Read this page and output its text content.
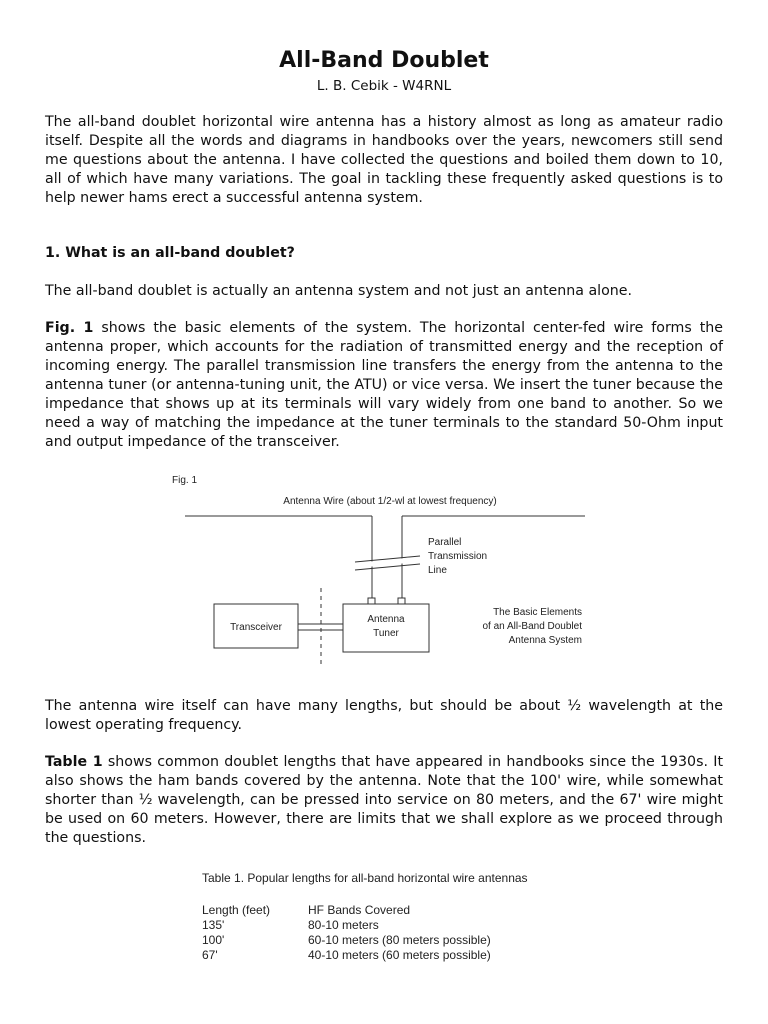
All-Band Doublet
L. B. Cebik - W4RNL

The all-band doublet horizontal wire antenna has a history almost as long as amateur radio itself. Despite all the words and diagrams in handbooks over the years, newcomers still send me questions about the antenna. I have collected the questions and boiled them down to 10, all of which have many variations. The goal in tackling these frequently asked questions is to help newer hams erect a successful antenna system.

1. What is an all-band doublet?

The all-band doublet is actually an antenna system and not just an antenna alone.

Fig. 1 shows the basic elements of the system. The horizontal center-fed wire forms the antenna proper, which accounts for the radiation of transmitted energy and the reception of incoming energy. The parallel transmission line transfers the energy from the antenna to the antenna tuner (or antenna-tuning unit, the ATU) or vice versa. We insert the tuner because the impedance that shows up at its terminals will vary widely from one band to another. So we need a way of matching the impedance at the tuner terminals to the standard 50-Ohm input and output impedance of the transceiver.

Fig. 1
Antenna Wire (about 1/2-wl at lowest frequency)
Parallel
Transmission
Line
Antenna
Tuner
Transceiver
The Basic Elements
of an All-Band Doublet
Antenna System

The antenna wire itself can have many lengths, but should be about ½ wavelength at the lowest operating frequency.

Table 1 shows common doublet lengths that have appeared in handbooks since the 1930s. It also shows the ham bands covered by the antenna. Note that the 100' wire, while somewhat shorter than ½ wavelength, can be pressed into service on 80 meters, and the 67' wire might be used on 60 meters. However, there are limits that we shall explore as we proceed through the questions.

Table 1. Popular lengths for all-band horizontal wire antennas
Length (feet)	HF Bands Covered
135'	80-10 meters
100'	60-10 meters (80 meters possible)
67'	40-10 meters (60 meters possible)
